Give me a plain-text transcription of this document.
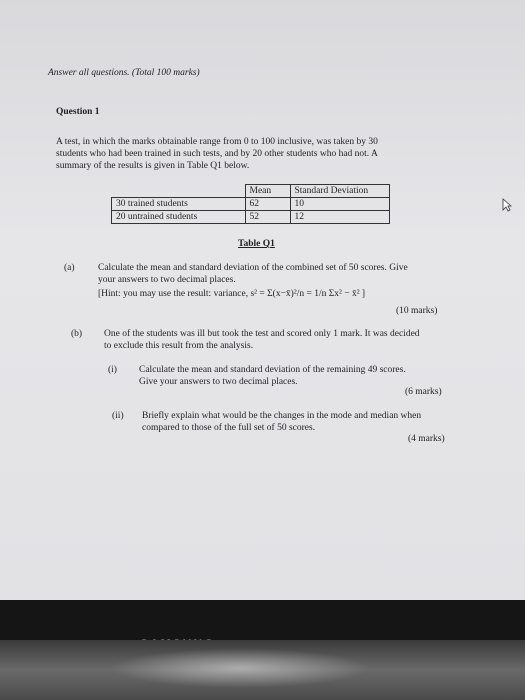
Answer all questions. (Total 100 marks)
Question 1
A test, in which the marks obtainable range from 0 to 100 inclusive, was taken by 30
students who had been trained in such tests, and by 20 other students who had not. A
summary of the results is given in Table Q1 below.
	Mean	Standard Deviation
30 trained students	62	10
20 untrained students	52	12
Table Q1
(a) Calculate the mean and standard deviation of the combined set of 50 scores. Give
your answers to two decimal places.
[Hint: you may use the result: variance, s² = Σ(x−x̄)²/n = 1/n Σx² − x̄² ]
(10 marks)
(b) One of the students was ill but took the test and scored only 1 mark. It was decided
to exclude this result from the analysis.
(i) Calculate the mean and standard deviation of the remaining 49 scores.
Give your answers to two decimal places.
(6 marks)
(ii) Briefly explain what would be the changes in the mode and median when
compared to those of the full set of 50 scores.
(4 marks)
